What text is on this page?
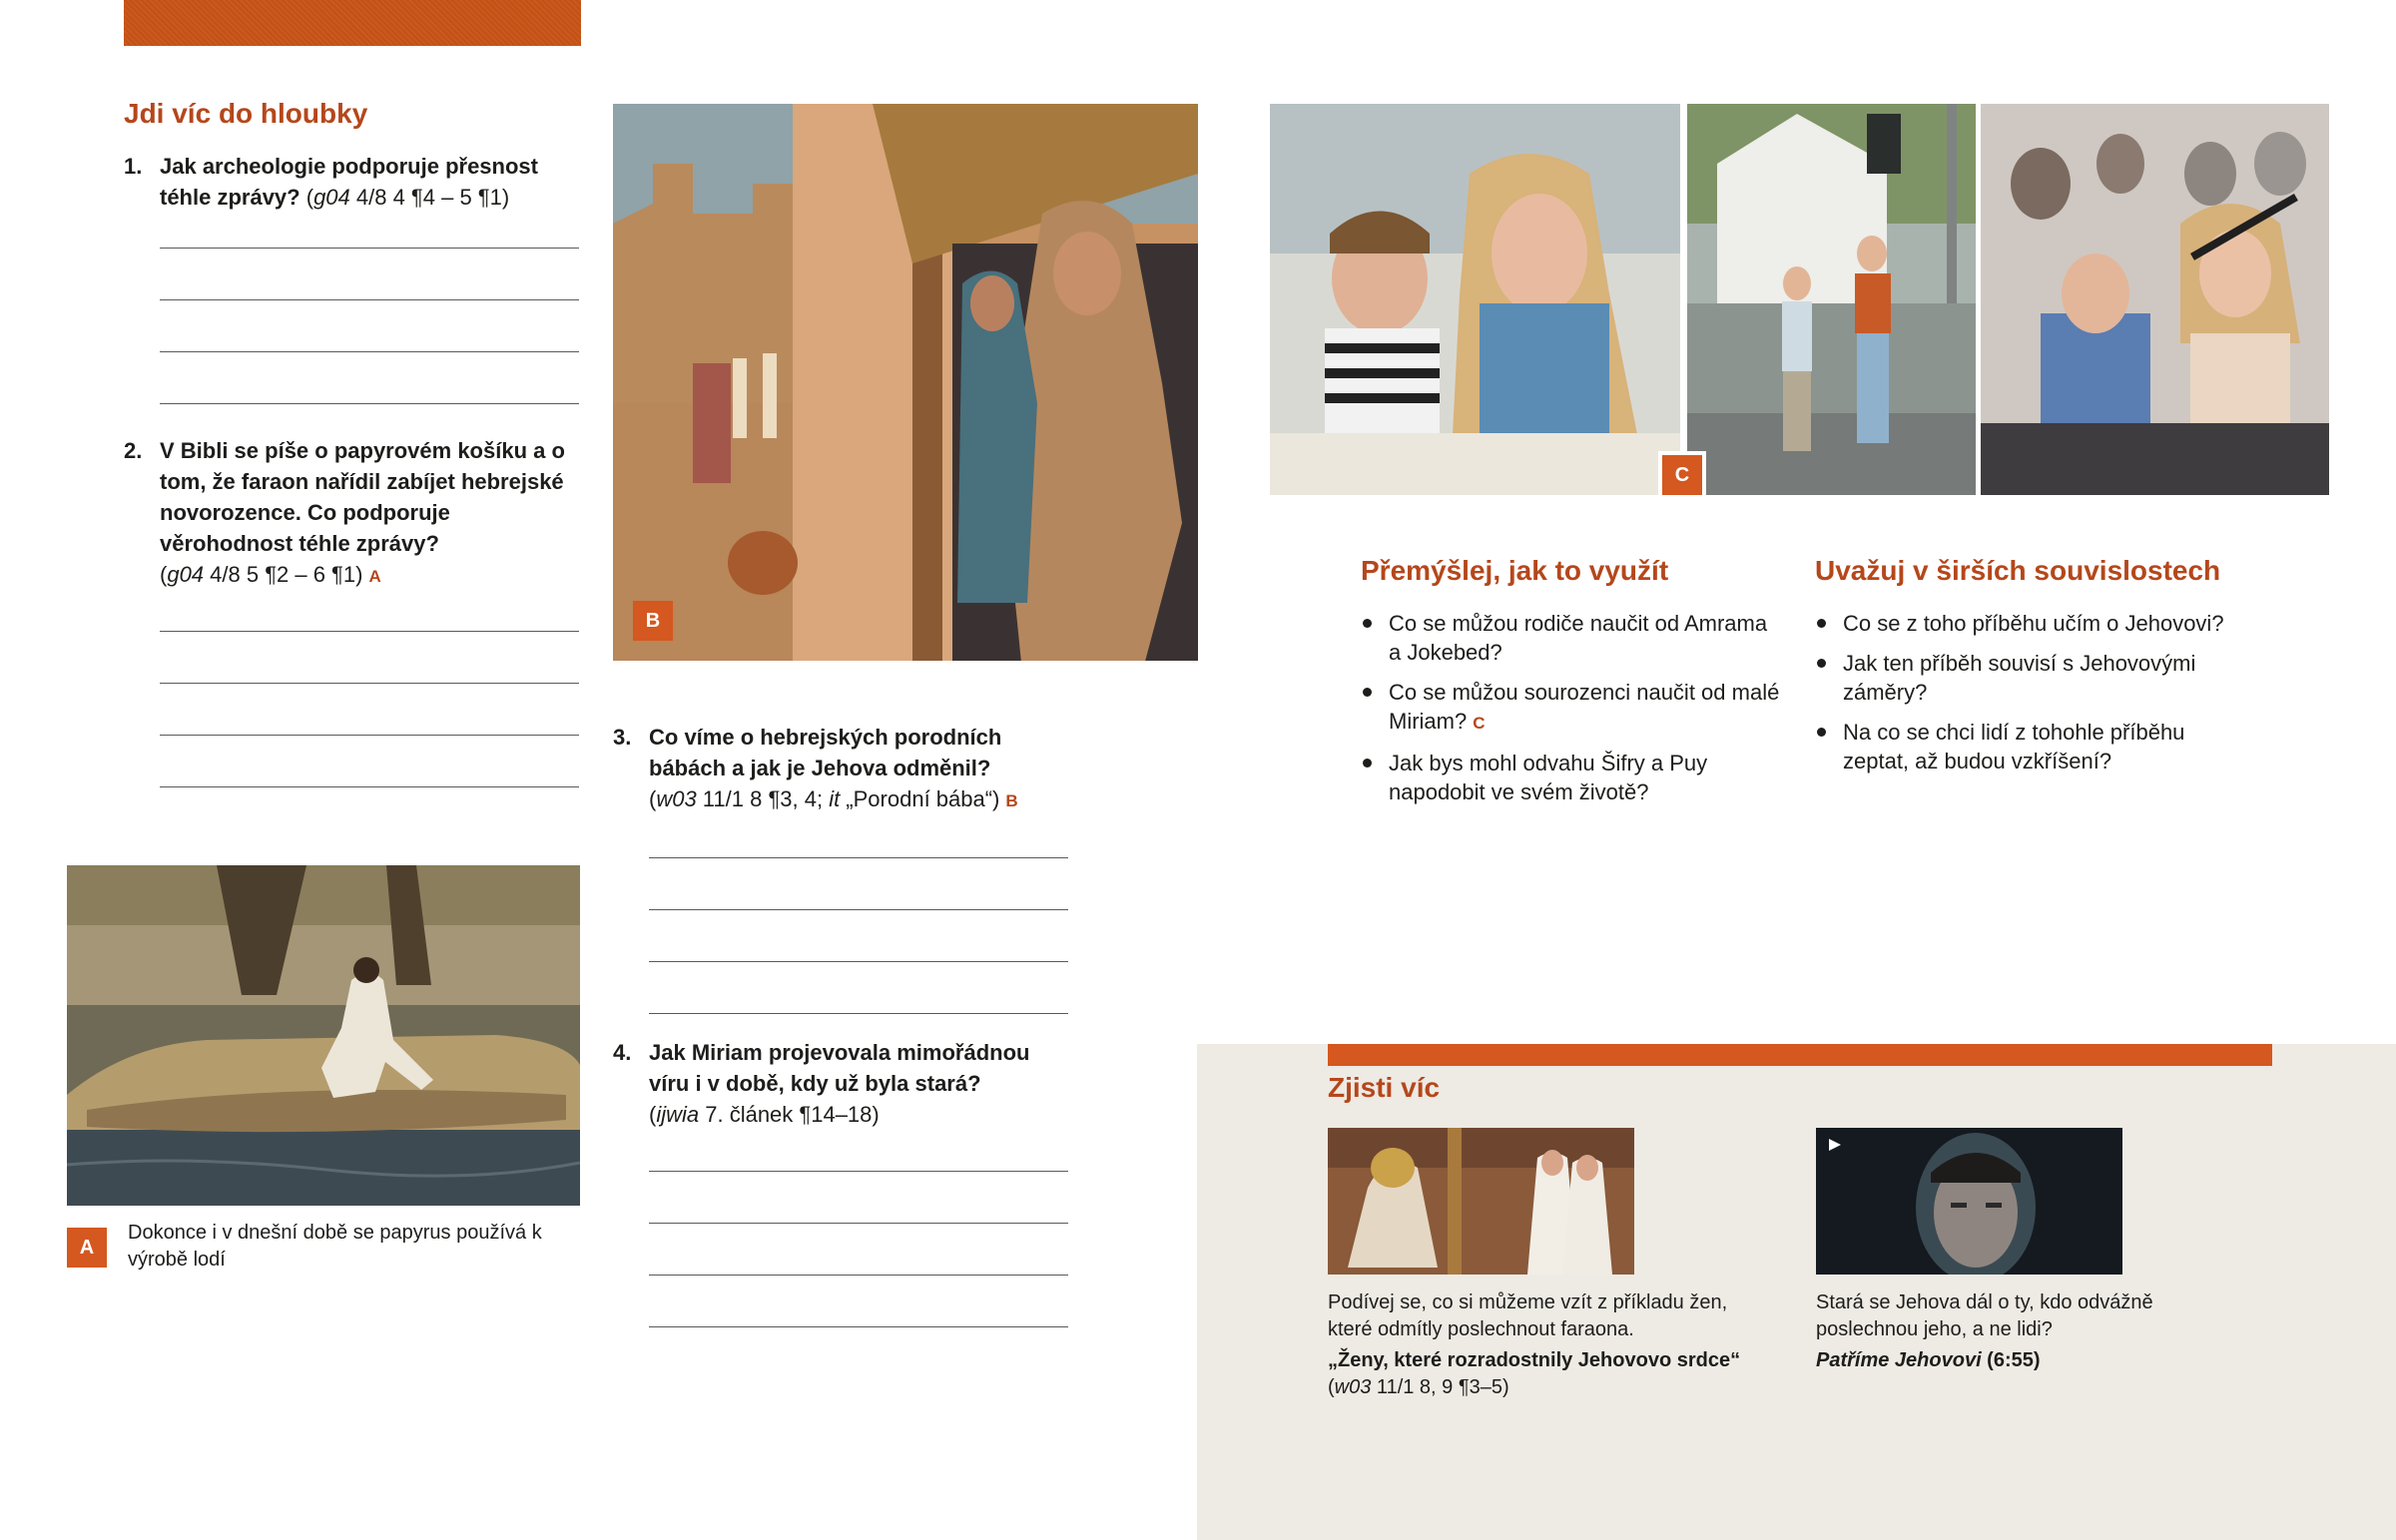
Jdi víc do hloubky
1. Jak archeologie podporuje přesnost téhle zprávy? (g04 4/8 4 ¶4 – 5 ¶1)
2. V Bibli se píše o papyrovém košíku a o tom, že faraon nařídil zabíjet hebrejské novorozence. Co podporuje věrohodnost téhle zprávy?
(g04 4/8 5 ¶2 – 6 ¶1) A
A
Dokonce i v dnešní době se papyrus používá k výrobě lodí
B
3. Co víme o hebrejských porodních bábách a jak je Jehova odměnil?
(w03 11/1 8 ¶3, 4; it „Porodní bába“) B
4. Jak Miriam projevovala mimořádnou víru i v době, kdy už byla stará?
(ijwia 7. článek ¶14–18)
C
Přemýšlej, jak to využít
Co se můžou rodiče naučit od Amrama a Jokebed?
Co se můžou sourozenci naučit od malé Miriam? C
Jak bys mohl odvahu Šifry a Puy napodobit ve svém životě?
Uvažuj v širších souvislostech
Co se z toho příběhu učím o Jehovovi?
Jak ten příběh souvisí s Jehovovými záměry?
Na co se chci lidí z tohohle příběhu zeptat, až budou vzkříšení?
Zjisti víc
Podívej se, co si můžeme vzít z příkladu žen, které odmítly poslechnout faraona.
„Ženy, které rozradostnily Jehovovo srdce“
(w03 11/1 8, 9 ¶3–5)
Stará se Jehova dál o ty, kdo odvážně poslechnou jeho, a ne lidi?
Patříme Jehovovi (6:55)
